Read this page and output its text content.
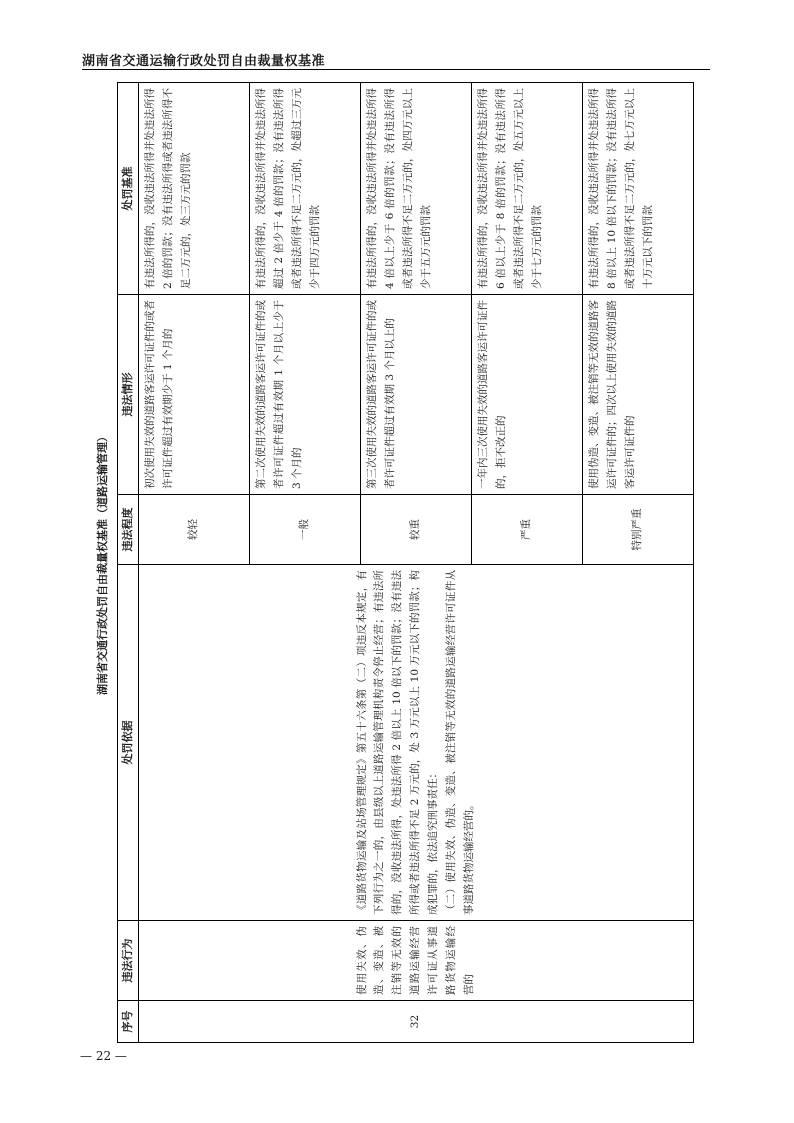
湖南省交通运输行政处罚自由裁量权基准
湖南省交通行政处罚自由裁量权基准（道路运输管理）
序号	违法行为	处罚依据	违法程度	违法情形	处罚基准
32	使用失效、伪造、变造、被注销等无效的道路运输经营许可证从事道路货物运输经营的	《道路货物运输及站场管理规定》第五十六条第（二）项违反本规定，有下列行为之一的，由县级以上道路运输管理机构责令停止经营；有违法所得的，没收违法所得，处违法所得 2 倍以上 10 倍以下的罚款；没有违法所得或者违法所得不足 2 万元的，处 3 万元以上 10 万元以下的罚款；构成犯罪的，依法追究刑事责任： （二）使用失效、伪造、变造、被注销等无效的道路运输经营许可证件从事道路货物运输经营的。	较轻	初次使用失效的道路客运许可证件的或者许可证件超过有效期少于 1 个月的	有违法所得的，没收违法所得并处违法所得 2 倍的罚款；没有违法所得或者违法所得不足二万元的，处三万元的罚款
			一般	第二次使用失效的道路客运许可证件的或者许可证件超过有效期 1 个月以上少于 3 个月的	有违法所得的，没收违法所得并处违法所得超过 2 倍少于 4 倍的罚款；没有违法所得或者违法所得不足二万元的，处超过三万元少于四万元的罚款
			较重	第三次使用失效的道路客运许可证件的或者许可证件超过有效期 3 个月以上的	有违法所得的，没收违法所得并处违法所得 4 倍以上少于 6 倍的罚款；没有违法所得或者违法所得不足二万元的，处四万元以上少于五万元的罚款
			严重	一年内三次使用失效的道路客运许可证件的，拒不改正的	有违法所得的，没收违法所得并处违法所得 6 倍以上少于 8 倍的罚款；没有违法所得或者违法所得不足二万元的，处五万元以上少于七万元的罚款
			特别严重	使用伪造、变造、被注销等无效的道路客运许可证件的；四次以上使用失效的道路客运许可证件的	有违法所得的，没收违法所得并处违法所得 8 倍以上 10 倍以下的罚款；没有违法所得或者违法所得不足二万元的，处七万元以上十万元以下的罚款
— 22 —
